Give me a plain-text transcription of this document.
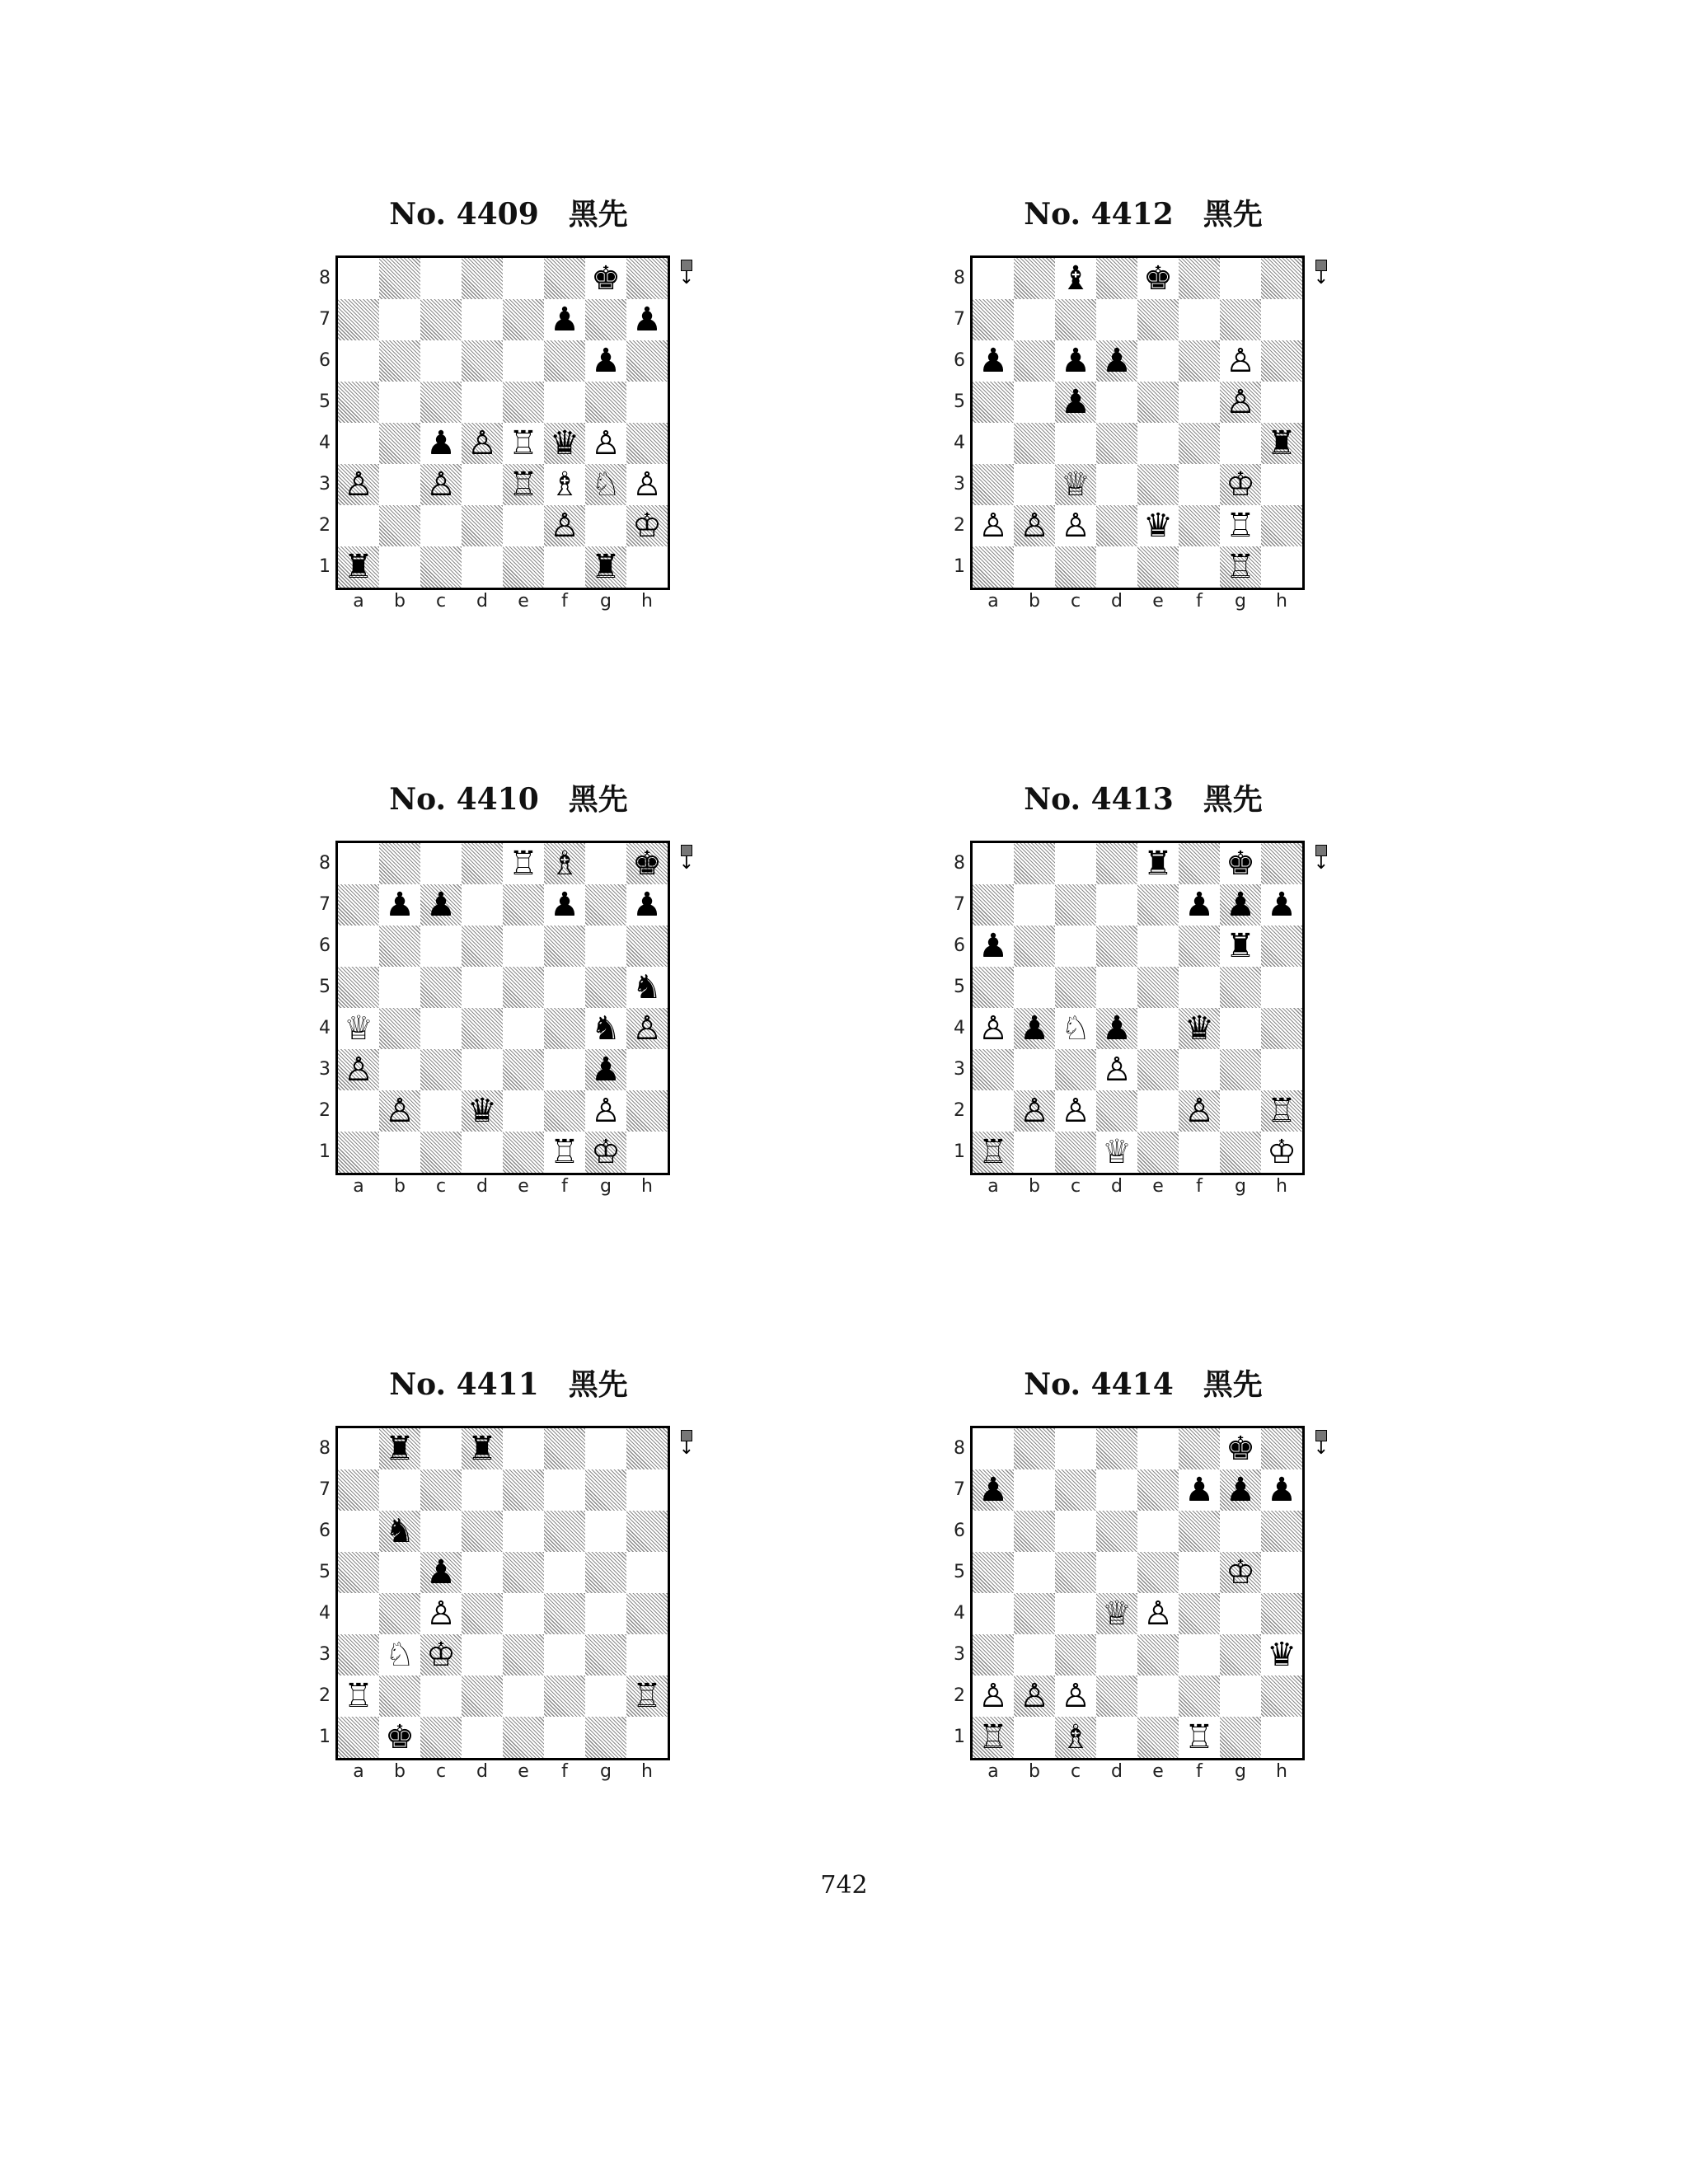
No. 4409　黑先
♚
♟ ♟
♟
♟ ♙ ♖ ♛ ♙
♙ ♙ ♖ ♗ ♘ ♙
♙ ♔
♜	♜
8
7
6
5
4
3
2
1
a	b	c	d	e	f	g	h
↓
No. 4412　黑先
♝ ♚
♟ ♟ ♟	♙
♟	♙
♜
♕	♔
♙ ♙ ♙ ♛ ♖
♖
8
7
6
5
4
3
2
1
a	b	c	d	e	f	g	h
↓
No. 4410　黑先
♖ ♗ ♚
♟ ♟	♟ ♟
♞
♕	♞ ♙
♙	♟
♙ ♛	♙
♖ ♔
8
7
6
5
4
3
2
1
a	b	c	d	e	f	g	h
↓
No. 4413　黑先
♜ ♚
♟ ♟ ♟
♟	♜
♙ ♟ ♘ ♟ ♛
♙
♙ ♙	♙ ♖
♖	♕	♔
8
7
6
5
4
3
2
1
a	b	c	d	e	f	g	h
↓
No. 4411　黑先
♜ ♜
♞
♟
♙
♘ ♔
♖	♖
♚
8
7
6
5
4
3
2
1
a	b	c	d	e	f	g	h
↓
No. 4414　黑先
♚
♟	♟ ♟ ♟
♔
♕ ♙
♛
♙ ♙ ♙
♖ ♗	♖
8
7
6
5
4
3
2
1
a	b	c	d	e	f	g	h
↓
742
